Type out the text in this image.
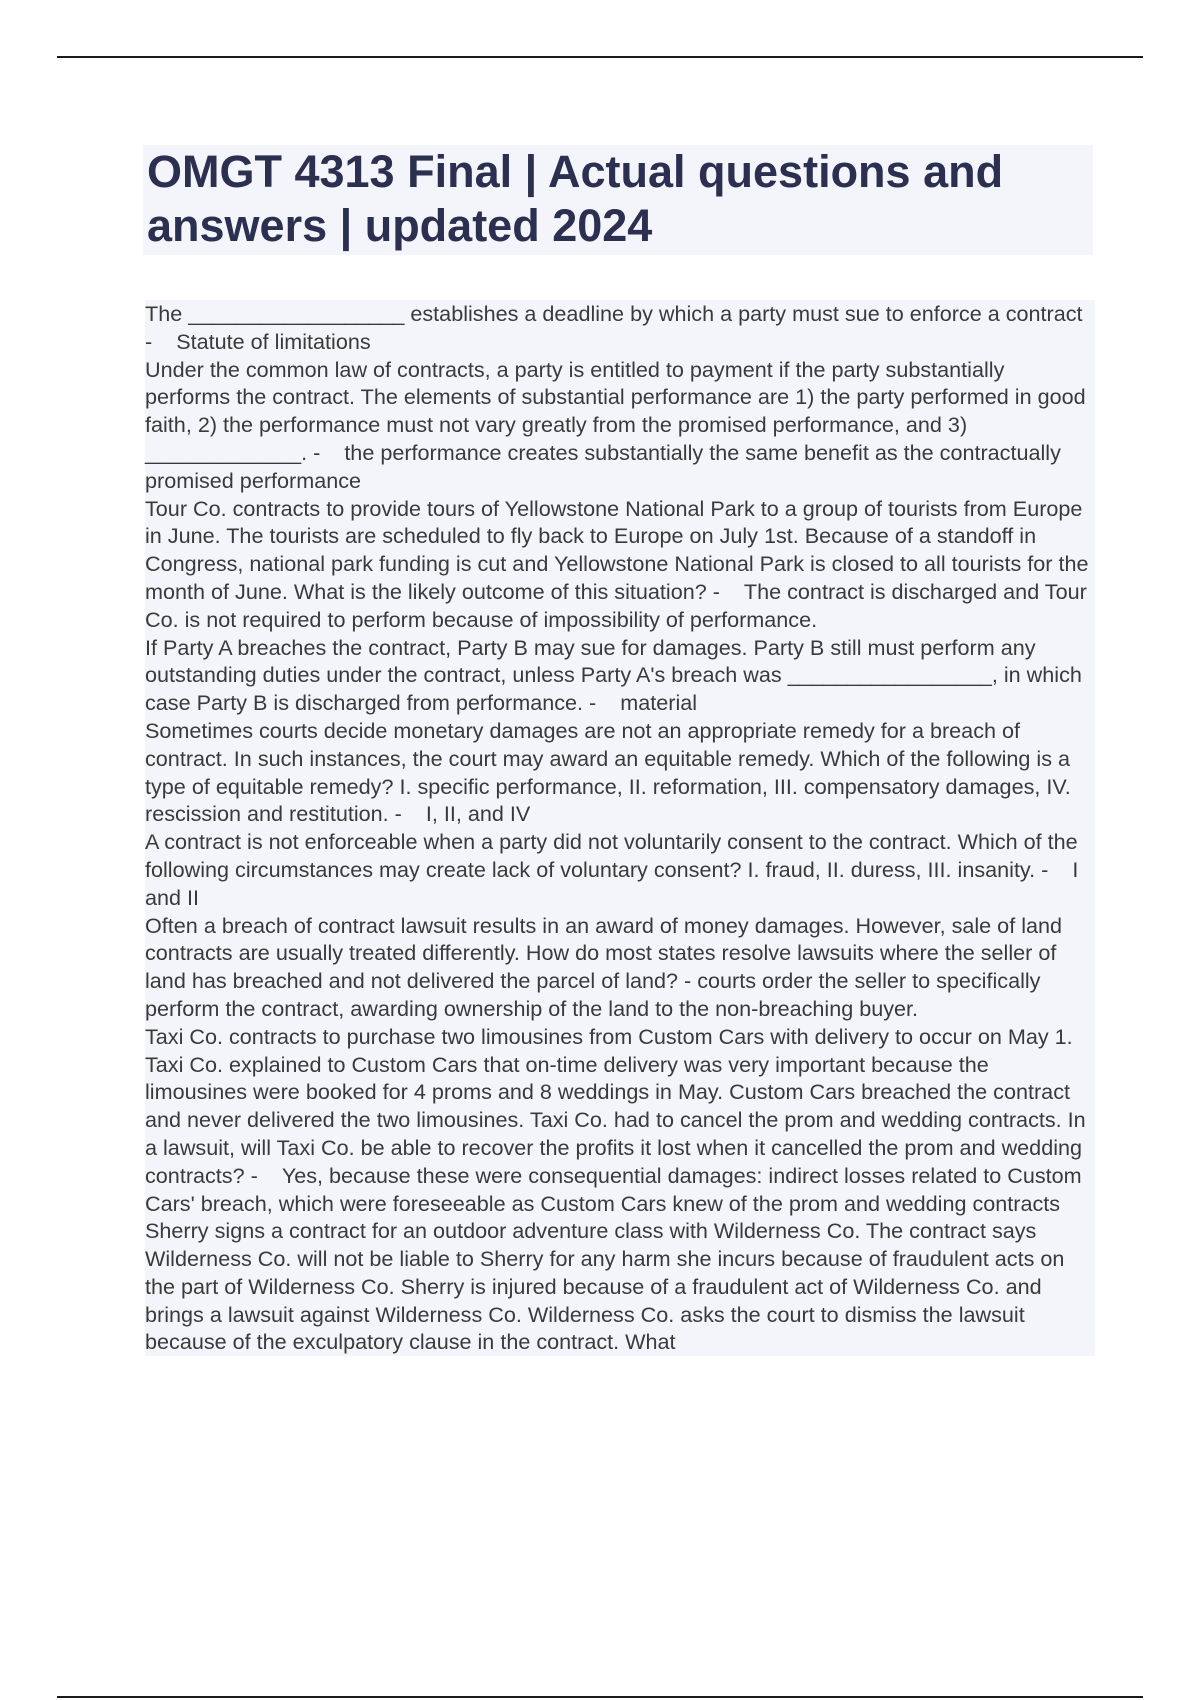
OMGT 4313 Final | Actual questions and answers | updated 2024

The __________________ establishes a deadline by which a party must sue to enforce a contract - Statute of limitations

Under the common law of contracts, a party is entitled to payment if the party substantially performs the contract. The elements of substantial performance are 1) the party performed in good faith, 2) the performance must not vary greatly from the promised performance, and 3) _____________. - the performance creates substantially the same benefit as the contractually promised performance

Tour Co. contracts to provide tours of Yellowstone National Park to a group of tourists from Europe in June. The tourists are scheduled to fly back to Europe on July 1st. Because of a standoff in Congress, national park funding is cut and Yellowstone National Park is closed to all tourists for the month of June. What is the likely outcome of this situation? - The contract is discharged and Tour Co. is not required to perform because of impossibility of performance.

If Party A breaches the contract, Party B may sue for damages. Party B still must perform any outstanding duties under the contract, unless Party A's breach was _________________, in which case Party B is discharged from performance. - material

Sometimes courts decide monetary damages are not an appropriate remedy for a breach of contract. In such instances, the court may award an equitable remedy. Which of the following is a type of equitable remedy? I. specific performance, II. reformation, III. compensatory damages, IV. rescission and restitution. - I, II, and IV

A contract is not enforceable when a party did not voluntarily consent to the contract. Which of the following circumstances may create lack of voluntary consent? I. fraud, II. duress, III. insanity. - I and II

Often a breach of contract lawsuit results in an award of money damages. However, sale of land contracts are usually treated differently. How do most states resolve lawsuits where the seller of land has breached and not delivered the parcel of land? - courts order the seller to specifically perform the contract, awarding ownership of the land to the non-breaching buyer.

Taxi Co. contracts to purchase two limousines from Custom Cars with delivery to occur on May 1. Taxi Co. explained to Custom Cars that on-time delivery was very important because the limousines were booked for 4 proms and 8 weddings in May. Custom Cars breached the contract and never delivered the two limousines. Taxi Co. had to cancel the prom and wedding contracts. In a lawsuit, will Taxi Co. be able to recover the profits it lost when it cancelled the prom and wedding contracts? - Yes, because these were consequential damages: indirect losses related to Custom Cars' breach, which were foreseeable as Custom Cars knew of the prom and wedding contracts

Sherry signs a contract for an outdoor adventure class with Wilderness Co. The contract says Wilderness Co. will not be liable to Sherry for any harm she incurs because of fraudulent acts on the part of Wilderness Co. Sherry is injured because of a fraudulent act of Wilderness Co. and brings a lawsuit against Wilderness Co. Wilderness Co. asks the court to dismiss the lawsuit because of the exculpatory clause in the contract. What
